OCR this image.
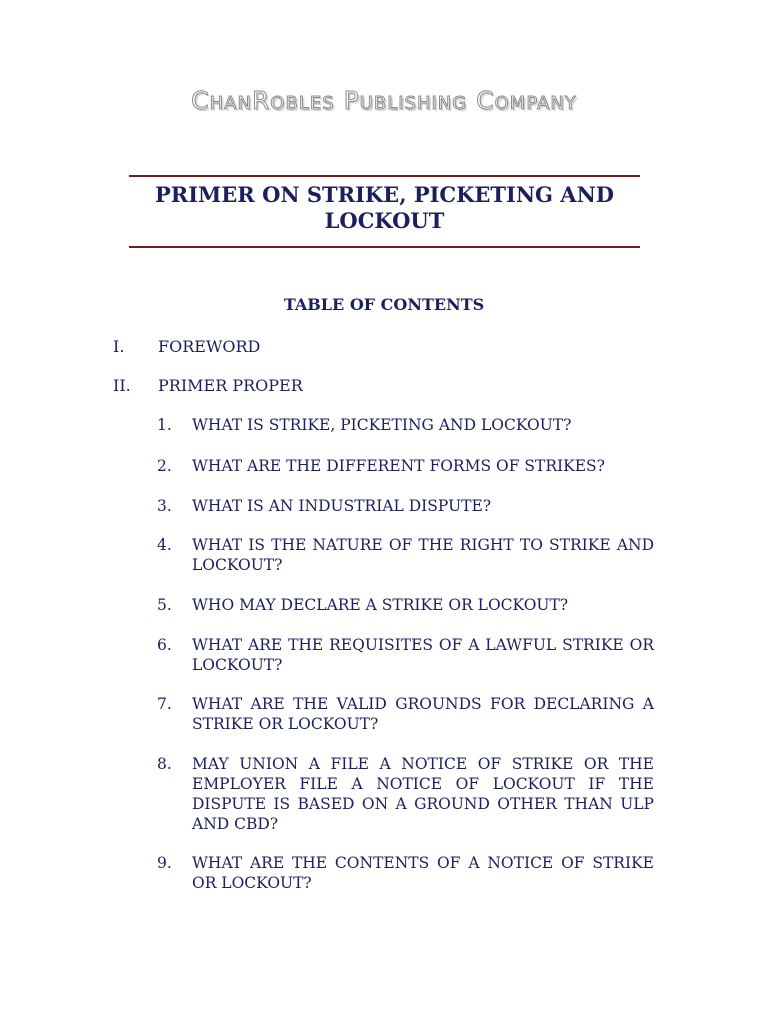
ChanRobles Publishing Company
PRIMER ON STRIKE, PICKETING AND
LOCKOUT
TABLE OF CONTENTS
I. FOREWORD
II. PRIMER PROPER
1. WHAT IS STRIKE, PICKETING AND LOCKOUT?
2. WHAT ARE THE DIFFERENT FORMS OF STRIKES?
3. WHAT IS AN INDUSTRIAL DISPUTE?
4. WHAT IS THE NATURE OF THE RIGHT TO STRIKE AND LOCKOUT?
5. WHO MAY DECLARE A STRIKE OR LOCKOUT?
6. WHAT ARE THE REQUISITES OF A LAWFUL STRIKE OR LOCKOUT?
7. WHAT ARE THE VALID GROUNDS FOR DECLARING A STRIKE OR LOCKOUT?
8. MAY UNION A FILE A NOTICE OF STRIKE OR THE EMPLOYER FILE A NOTICE OF LOCKOUT IF THE DISPUTE IS BASED ON A GROUND OTHER THAN ULP AND CBD?
9. WHAT ARE THE CONTENTS OF A NOTICE OF STRIKE OR LOCKOUT?
